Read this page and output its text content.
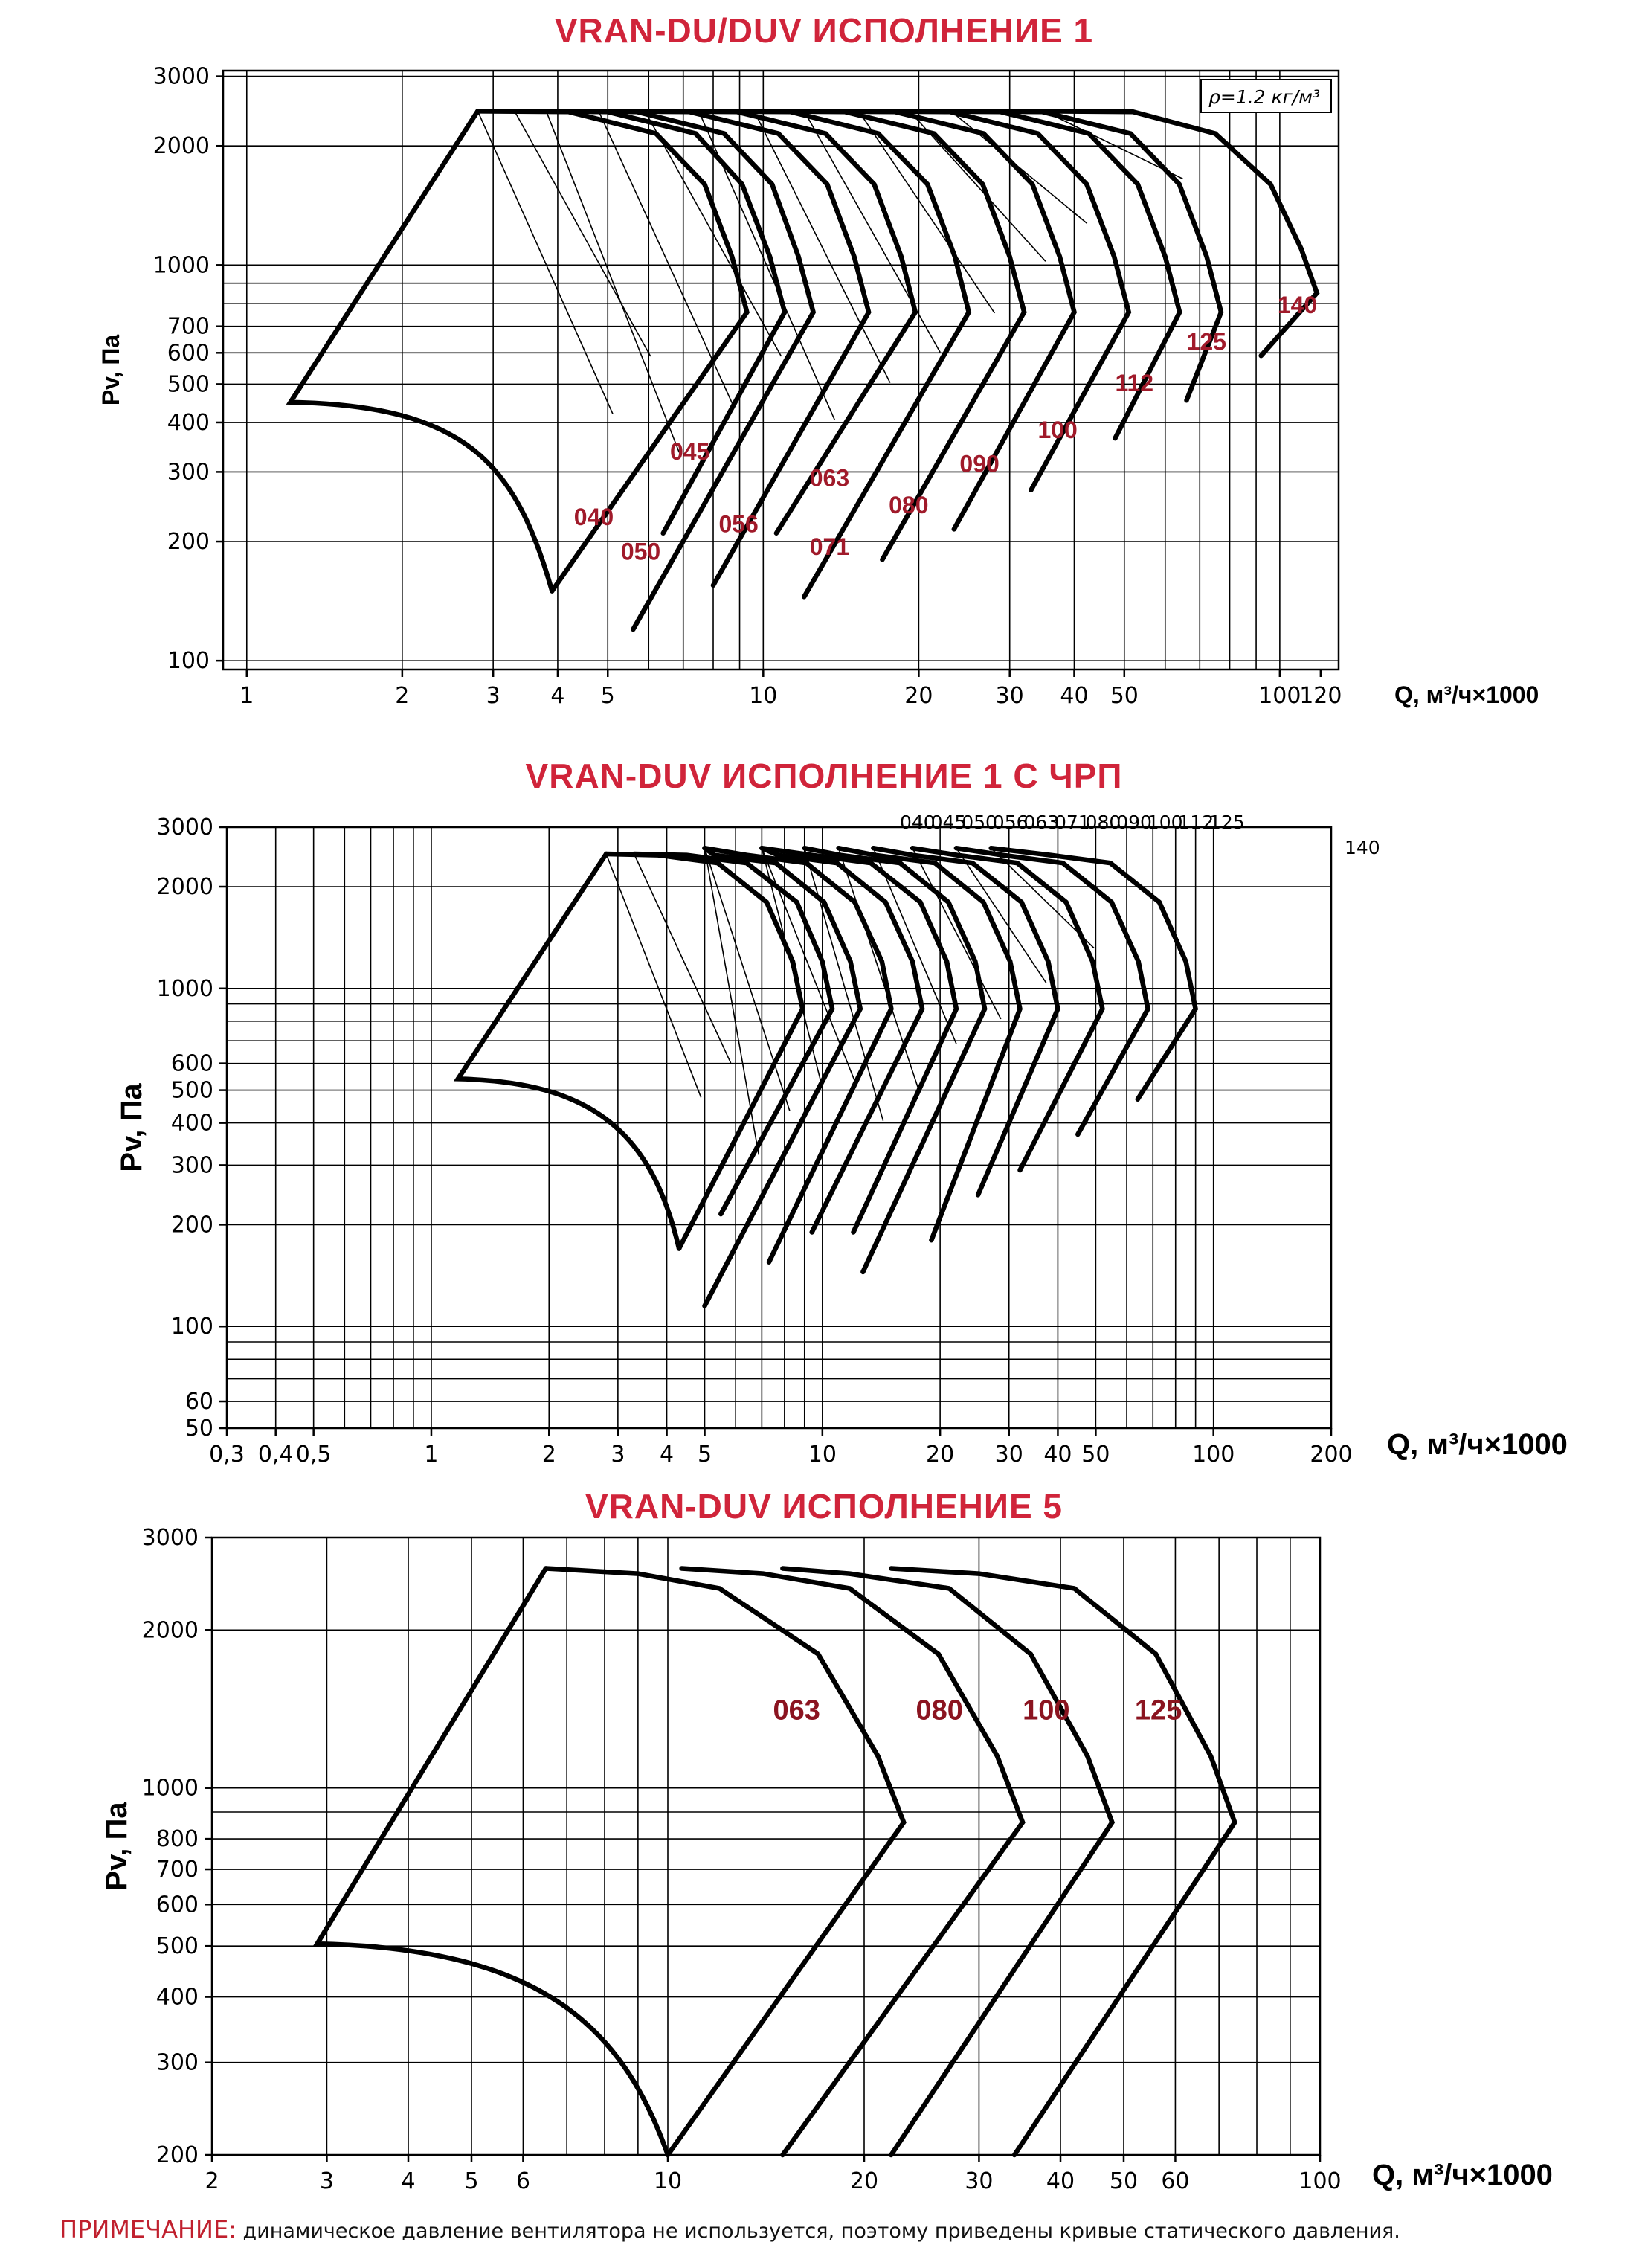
VRAN-DU/DUV ИСПОЛНЕНИЕ 1
VRAN-DUV ИСПОЛНЕНИЕ 1 С ЧРП
VRAN-DUV ИСПОЛНЕНИЕ 5
1	2	3 4 5	10	20	30 40 50	100
120
100
200
300
400
500
600
700
1000
2000
3000
Q, м³/ч×1000
Pv, Па
ρ=1.2 кг/м³
040
045
050
056
063
071
080
090
100
112
125
140
0,3 0,4 0,5	1	2 3 4 5	10	20 30 40 50	100	200
50
60
100
200
300
400
500
600
1000
2000
3000
Q, м³/ч×1000
Pv, Па
040
045
050
056
063
071
080
090
100
112
125
140
2	3	4 5 6	10	20	30 40 50 60	100
200
300
400
500
600
700
800
1000
2000
3000
Q, м³/ч×1000
Pv, Па
063	080 100 125
ПРИМЕЧАНИЕ: динамическое давление вентилятора не используется, поэтому приведены кривые статического давления.
